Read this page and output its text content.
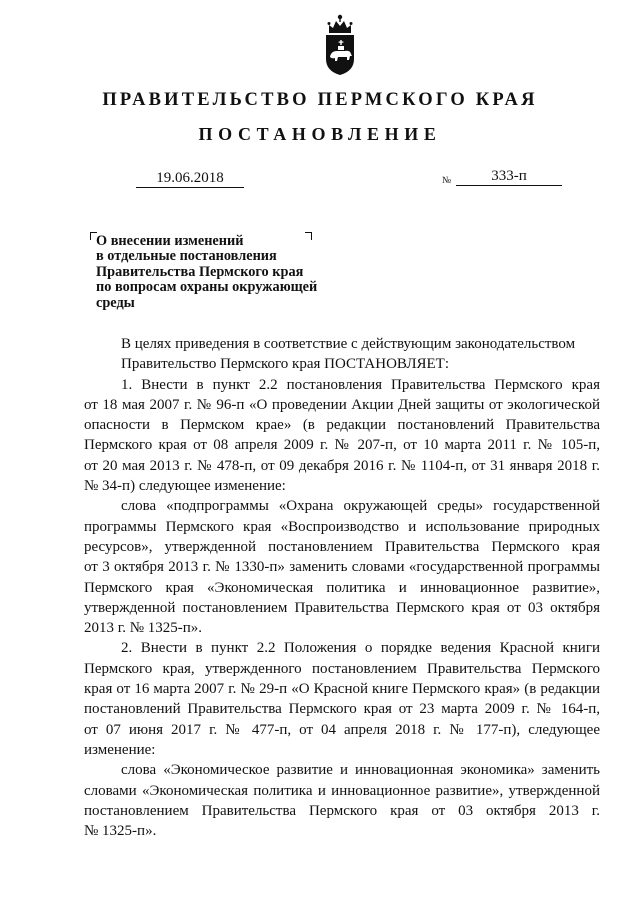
ПРАВИТЕЛЬСТВО ПЕРМСКОГО КРАЯ
ПОСТАНОВЛЕНИЕ
19.06.2018	№	333-п
О внесении изменений
в отдельные постановления
Правительства Пермского края
по вопросам охраны окружающей
среды

В целях приведения в соответствие с действующим законодательством

Правительство Пермского края ПОСТАНОВЛЯЕТ:

1. Внести в пункт 2.2 постановления Правительства Пермского края

от 18 мая 2007 г. № 96-п «О проведении Акции Дней защиты от экологической

опасности в Пермском крае» (в редакции постановлений Правительства

Пермского края от 08 апреля 2009 г. № 207-п, от 10 марта 2011 г. № 105-п,

от 20 мая 2013 г. № 478-п, от 09 декабря 2016 г. № 1104-п, от 31 января 2018 г.

№ 34-п) следующее изменение:

слова «подпрограммы «Охрана окружающей среды» государственной

программы Пермского края «Воспроизводство и использование природных

ресурсов», утвержденной постановлением Правительства Пермского края

от 3 октября 2013 г. № 1330-п» заменить словами «государственной программы

Пермского края «Экономическая политика и инновационное развитие»,

утвержденной постановлением Правительства Пермского края от 03 октября

2013 г. № 1325-п».

2. Внести в пункт 2.2 Положения о порядке ведения Красной книги

Пермского края, утвержденного постановлением Правительства Пермского

края от 16 марта 2007 г. № 29-п «О Красной книге Пермского края» (в редакции

постановлений Правительства Пермского края от 23 марта 2009 г. № 164-п,

от 07 июня 2017 г. № 477-п, от 04 апреля 2018 г. № 177-п), следующее

изменение:

слова «Экономическое развитие и инновационная экономика» заменить

словами «Экономическая политика и инновационное развитие», утвержденной

постановлением Правительства Пермского края от 03 октября 2013 г.

№ 1325-п».
